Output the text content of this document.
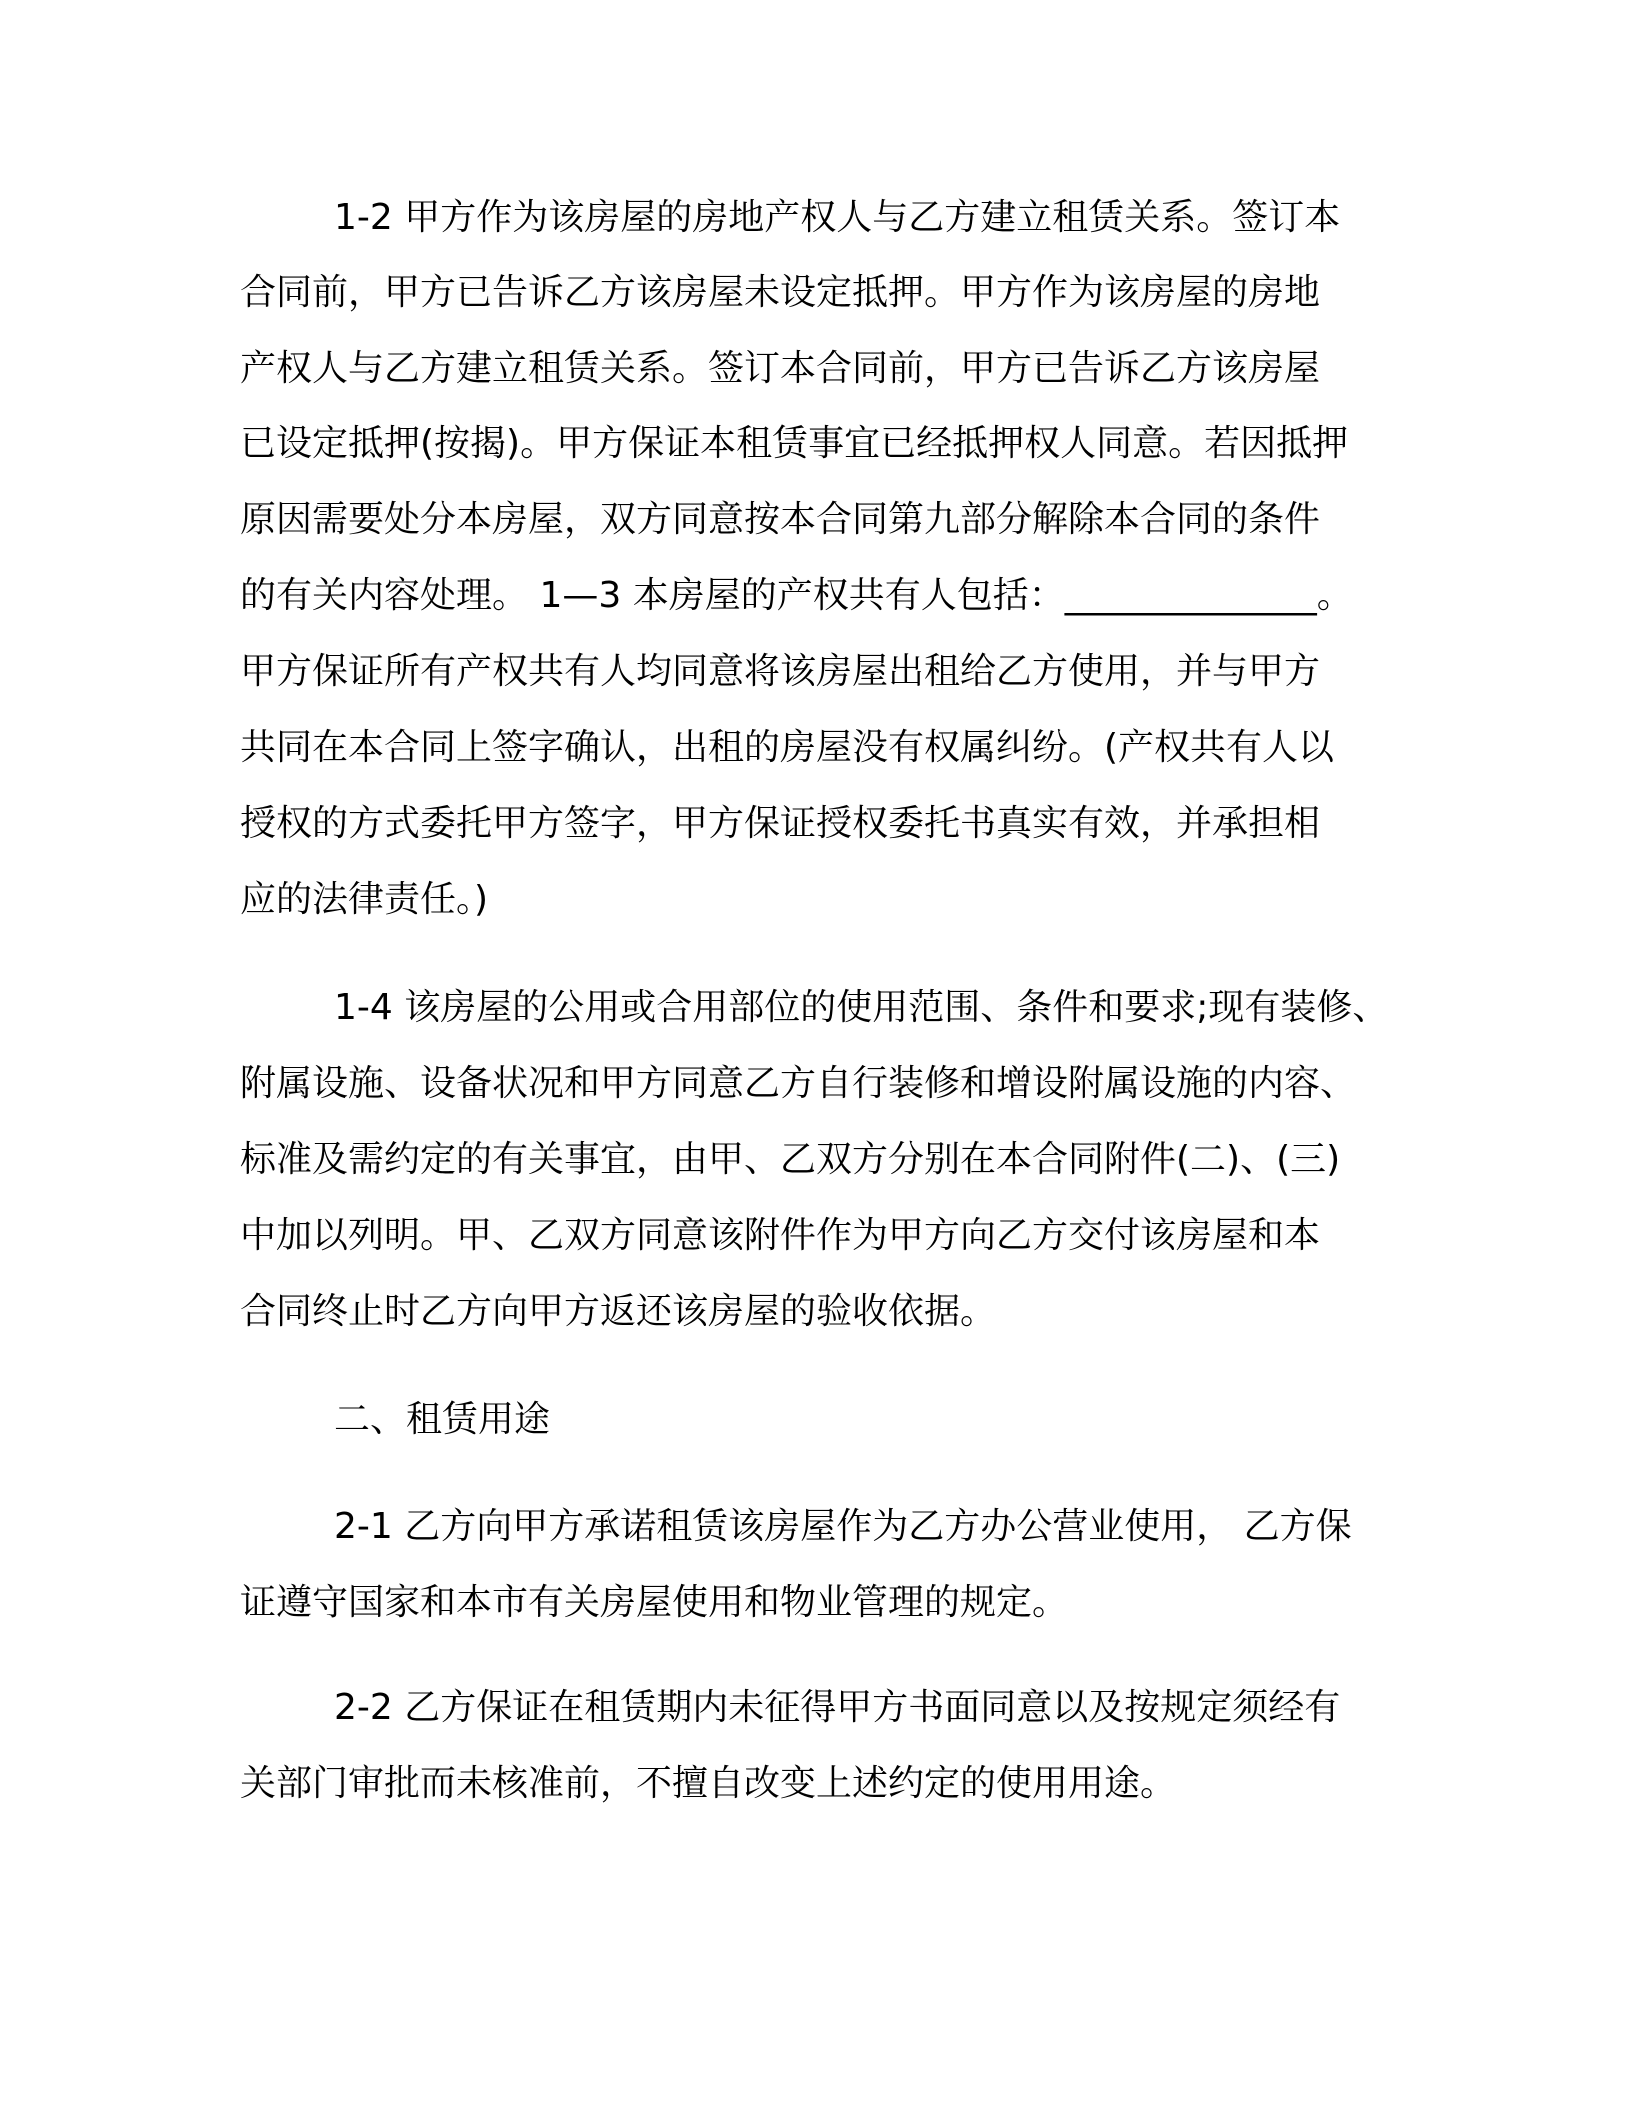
1-2 甲方作为该房屋的房地产权人与乙方建立租赁关系。签订本
合同前，甲方已告诉乙方该房屋未设定抵押。甲方作为该房屋的房地
产权人与乙方建立租赁关系。签订本合同前，甲方已告诉乙方该房屋
已设定抵押(按揭)。甲方保证本租赁事宜已经抵押权人同意。若因抵押
原因需要处分本房屋，双方同意按本合同第九部分解除本合同的条件
的有关内容处理。 1—3 本房屋的产权共有人包括：______________。
甲方保证所有产权共有人均同意将该房屋出租给乙方使用，并与甲方
共同在本合同上签字确认，出租的房屋没有权属纠纷。(产权共有人以
授权的方式委托甲方签字，甲方保证授权委托书真实有效，并承担相
应的法律责任。)
1-4 该房屋的公用或合用部位的使用范围、条件和要求;现有装修、
附属设施、设备状况和甲方同意乙方自行装修和增设附属设施的内容、
标准及需约定的有关事宜，由甲、乙双方分别在本合同附件(二)、(三)
中加以列明。甲、乙双方同意该附件作为甲方向乙方交付该房屋和本
合同终止时乙方向甲方返还该房屋的验收依据。
二、租赁用途
2-1 乙方向甲方承诺租赁该房屋作为乙方办公营业使用， 乙方保
证遵守国家和本市有关房屋使用和物业管理的规定。
2-2 乙方保证在租赁期内未征得甲方书面同意以及按规定须经有
关部门审批而未核准前，不擅自改变上述约定的使用用途。
